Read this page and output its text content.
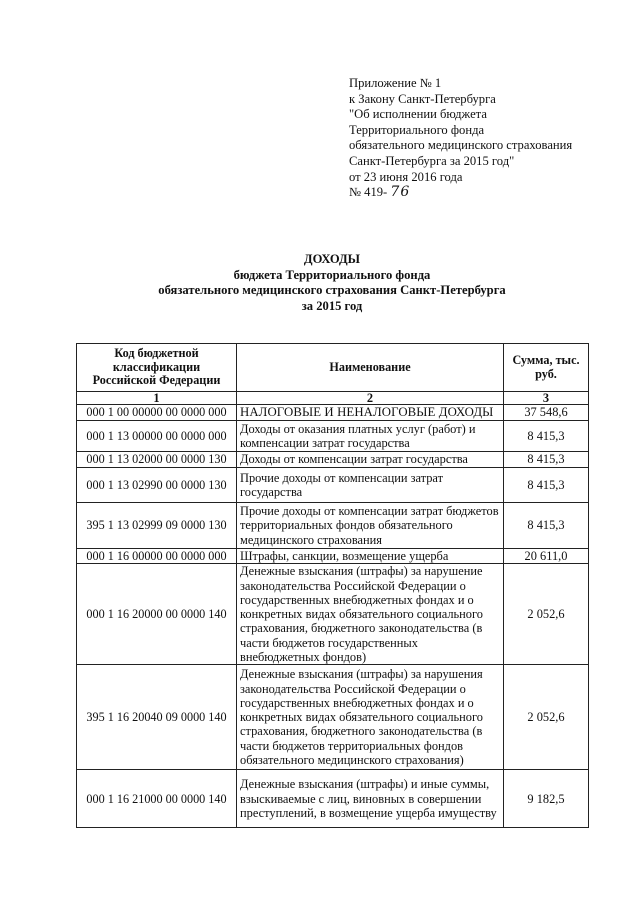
Приложение № 1
к Закону Санкт-Петербурга
"Об исполнении бюджета
Территориального фонда
обязательного медицинского страхования
Санкт-Петербурга за 2015 год"
от 23 июня 2016 года
№ 419- 76
ДОХОДЫ
бюджета Территориального фонда
обязательного медицинского страхования Санкт-Петербурга
за 2015 год
Код бюджетной классификации Российской Федерации	Наименование	Сумма, тыс. руб.
1	2	3
000 1 00 00000 00 0000 000	НАЛОГОВЫЕ И НЕНАЛОГОВЫЕ ДОХОДЫ	37 548,6
000 1 13 00000 00 0000 000	Доходы от оказания платных услуг (работ) и компенсации затрат государства	8 415,3
000 1 13 02000 00 0000 130	Доходы от компенсации затрат государства	8 415,3
000 1 13 02990 00 0000 130	Прочие доходы от компенсации затрат государства	8 415,3
395 1 13 02999 09 0000 130	Прочие доходы от компенсации затрат бюджетов территориальных фондов обязательного медицинского страхования	8 415,3
000 1 16 00000 00 0000 000	Штрафы, санкции, возмещение ущерба	20 611,0
000 1 16 20000 00 0000 140	Денежные взыскания (штрафы) за нарушение законодательства Российской Федерации о государственных внебюджетных фондах и о конкретных видах обязательного социального страхования, бюджетного законодательства (в части бюджетов государственных внебюджетных фондов)	2 052,6
395 1 16 20040 09 0000 140	Денежные взыскания (штрафы) за нарушения законодательства Российской Федерации о государственных внебюджетных фондах и о конкретных видах обязательного социального страхования, бюджетного законодательства (в части бюджетов территориальных фондов обязательного медицинского страхования)	2 052,6
000 1 16 21000 00 0000 140	Денежные взыскания (штрафы) и иные суммы, взыскиваемые с лиц, виновных в совершении преступлений, в возмещение ущерба имуществу	9 182,5
